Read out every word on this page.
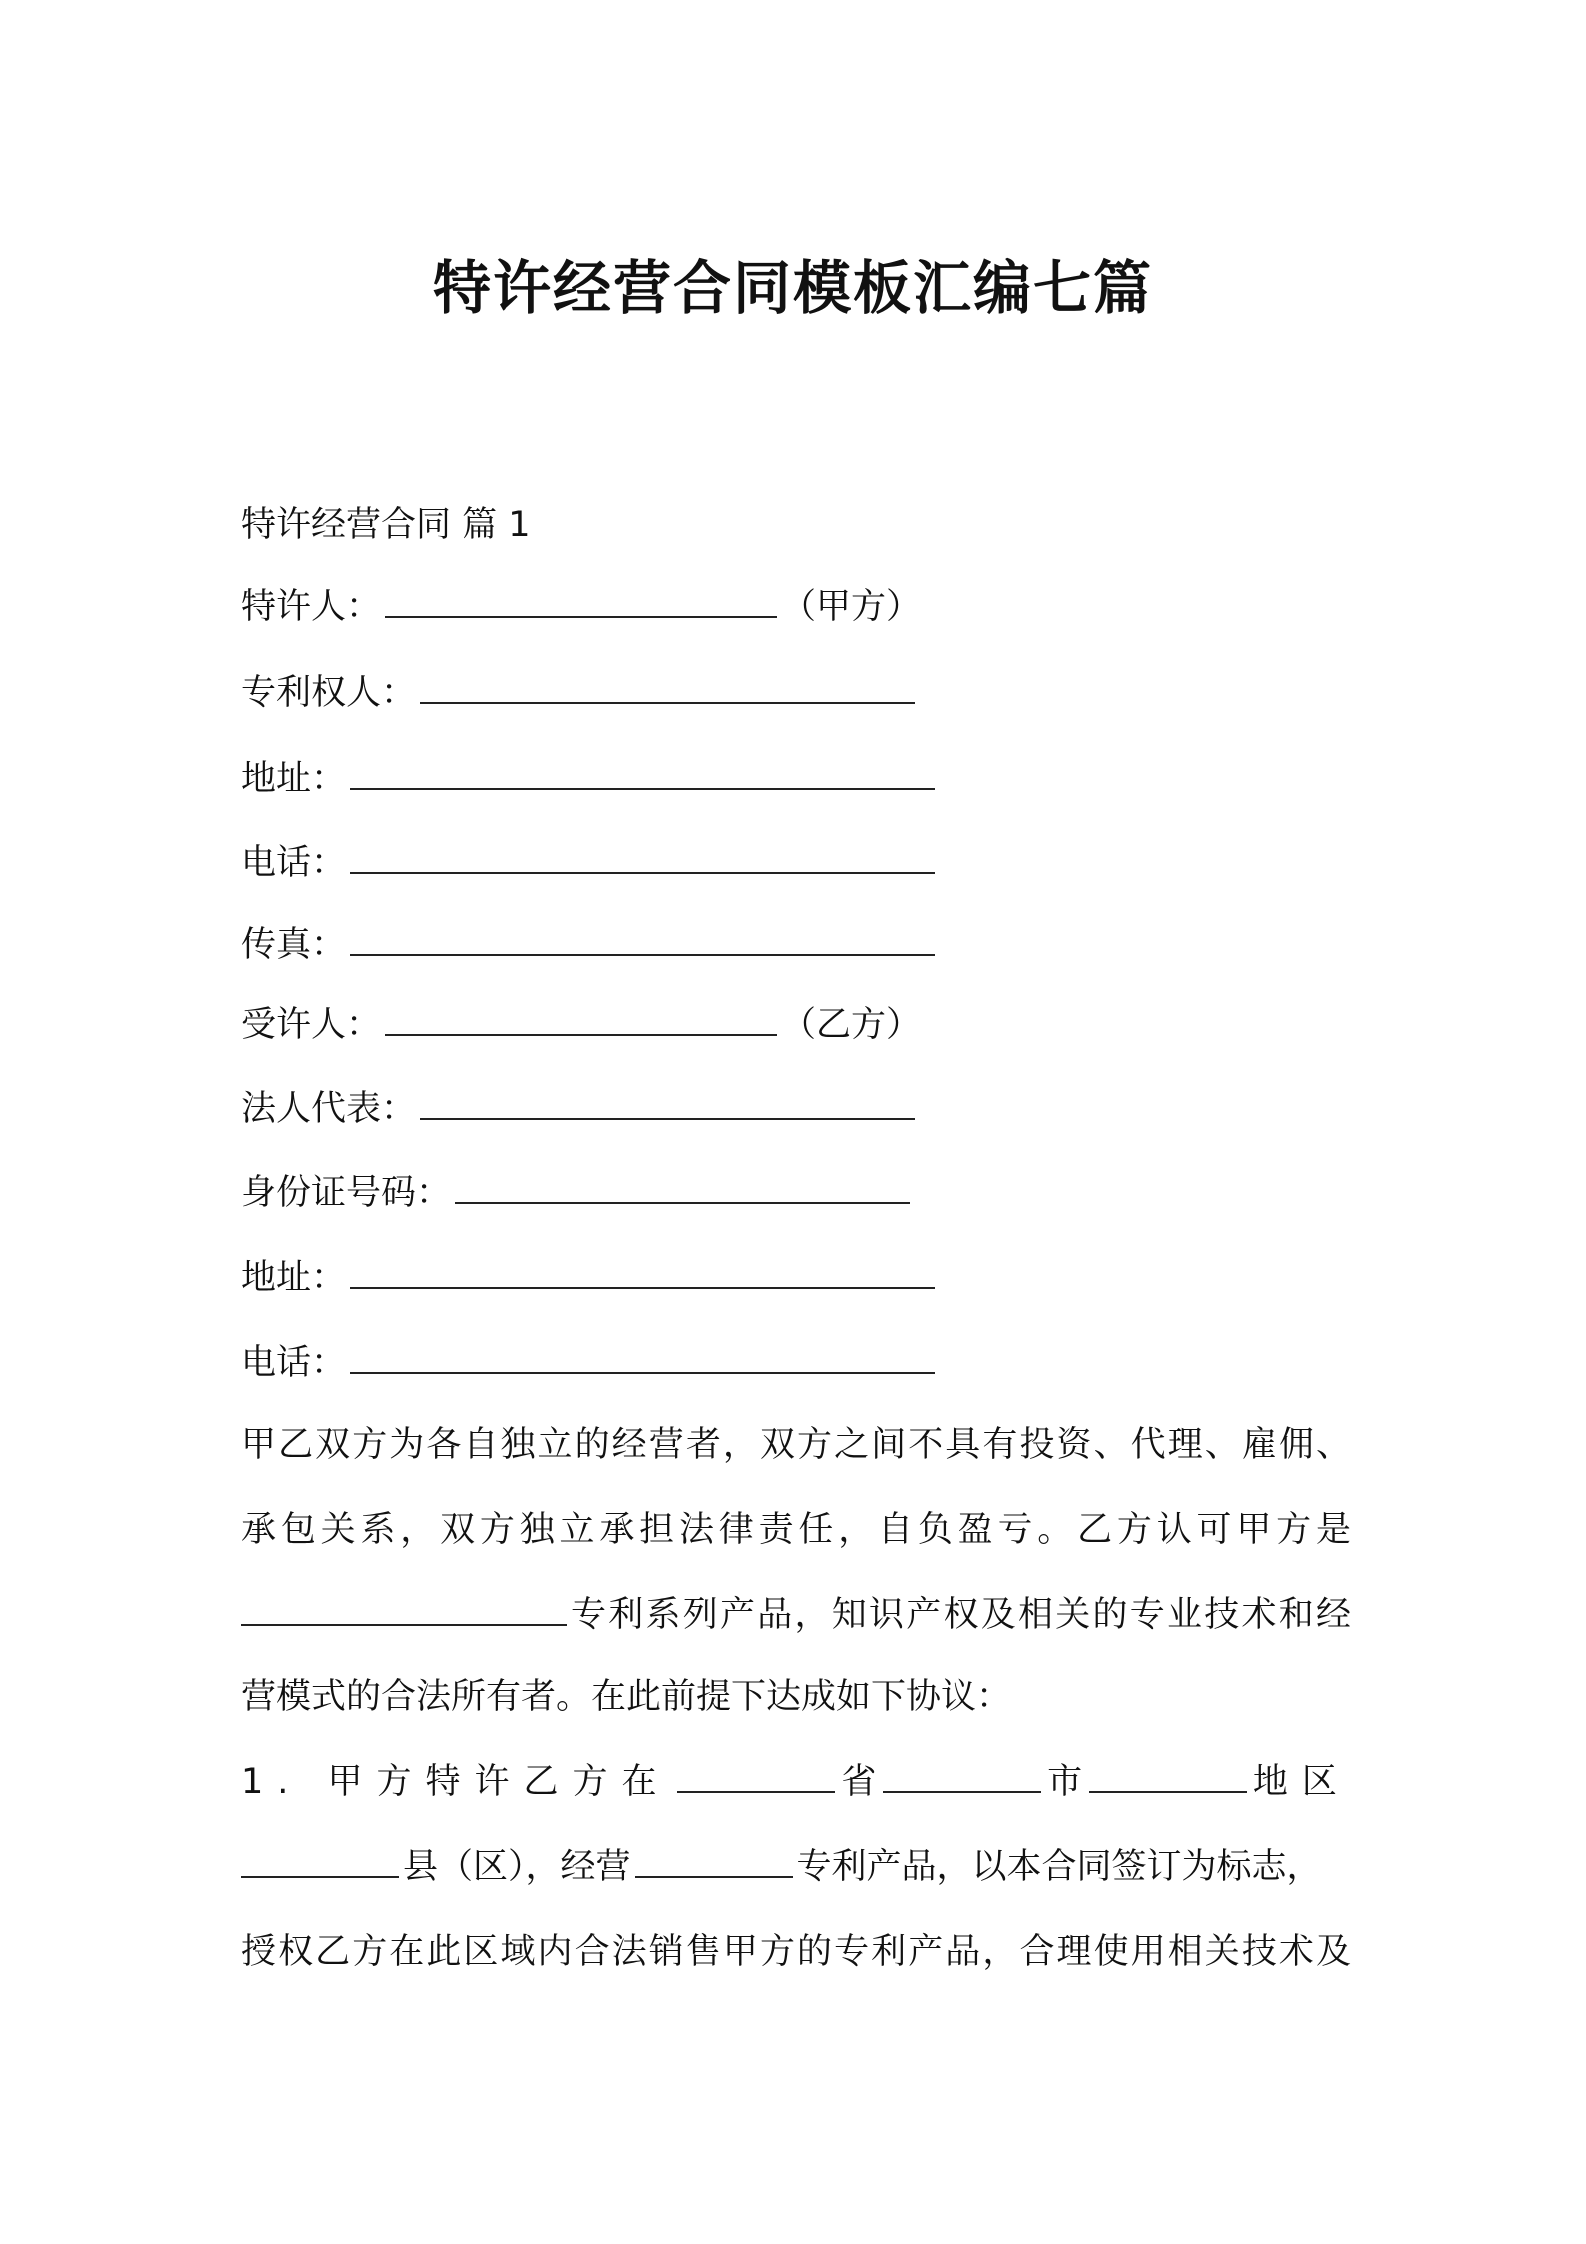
特许经营合同模板汇编七篇
特许经营合同 篇 1
特许人：	（甲方）
专利权人：
地址：
电话：
传真：
受许人：	（乙方）
法人代表：
身份证号码：
地址：
电话：
甲乙双方为各自独立的经营者，双方之间不具有投资、代理、雇佣、
承包关系，双方独立承担法律责任，自负盈亏。乙方认可甲方是
专利系列产品，知识产权及相关的专业技术和经
营模式的合法所有者。在此前提下达成如下协议：
1. 甲方特许乙方在	省	市	地区
县（区），经营	专利产品，以本合同签订为标志，
授权乙方在此区域内合法销售甲方的专利产品，合理使用相关技术及
